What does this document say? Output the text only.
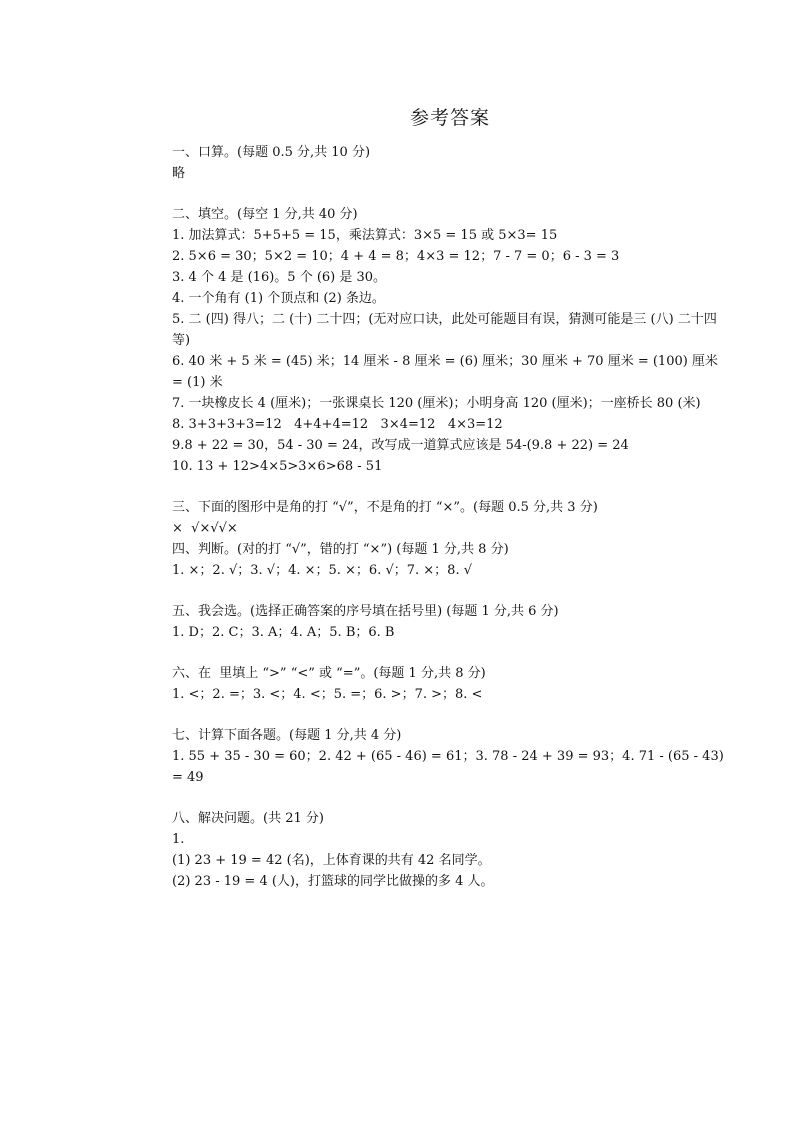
参考答案
一、口算。(每题 0.5 分,共 10 分)
略
二、填空。(每空 1 分,共 40 分)
1. 加法算式：5+5+5 = 15，乘法算式：3×5 = 15 或 5×3= 15
2. 5×6 = 30；5×2 = 10；4 + 4 = 8；4×3 = 12；7 - 7 = 0；6 - 3 = 3
3. 4 个 4 是 (16)。5 个 (6) 是 30。
4. 一个角有 (1) 个顶点和 (2) 条边。
5. 二 (四) 得八；二 (十) 二十四；(无对应口诀，此处可能题目有误，猜测可能是三 (八) 二十四等)
6. 40 米 + 5 米 = (45) 米；14 厘米 - 8 厘米 = (6) 厘米；30 厘米 + 70 厘米 = (100) 厘米 = (1) 米
7. 一块橡皮长 4 (厘米)；一张课桌长 120 (厘米)；小明身高 120 (厘米)；一座桥长 80 (米)
8. 3+3+3+3=12   4+4+4=12   3×4=12   4×3=12
9.8 + 22 = 30，54 - 30 = 24，改写成一道算式应该是 54-(9.8 + 22) = 24
10. 13 + 12>4×5>3×6>68 - 51
三、下面的图形中是角的打 “√”，不是角的打 “×”。(每题 0.5 分,共 3 分)
×  √×√√×
四、判断。(对的打 “√”，错的打 “×”) (每题 1 分,共 8 分)
1. ×；2. √；3. √；4. ×；5. ×；6. √；7. ×；8. √
五、我会选。(选择正确答案的序号填在括号里) (每题 1 分,共 6 分)
1. D；2. C；3. A；4. A；5. B；6. B
六、在  里填上 “>” “<” 或 “=”。(每题 1 分,共 8 分)
1. <；2. =；3. <；4. <；5. =；6. >；7. >；8. <
七、计算下面各题。(每题 1 分,共 4 分)
1. 55 + 35 - 30 = 60；2. 42 + (65 - 46) = 61；3. 78 - 24 + 39 = 93；4. 71 - (65 - 43) = 49
八、解决问题。(共 21 分)
1.
(1) 23 + 19 = 42 (名)，上体育课的共有 42 名同学。
(2) 23 - 19 = 4 (人)，打篮球的同学比做操的多 4 人。
